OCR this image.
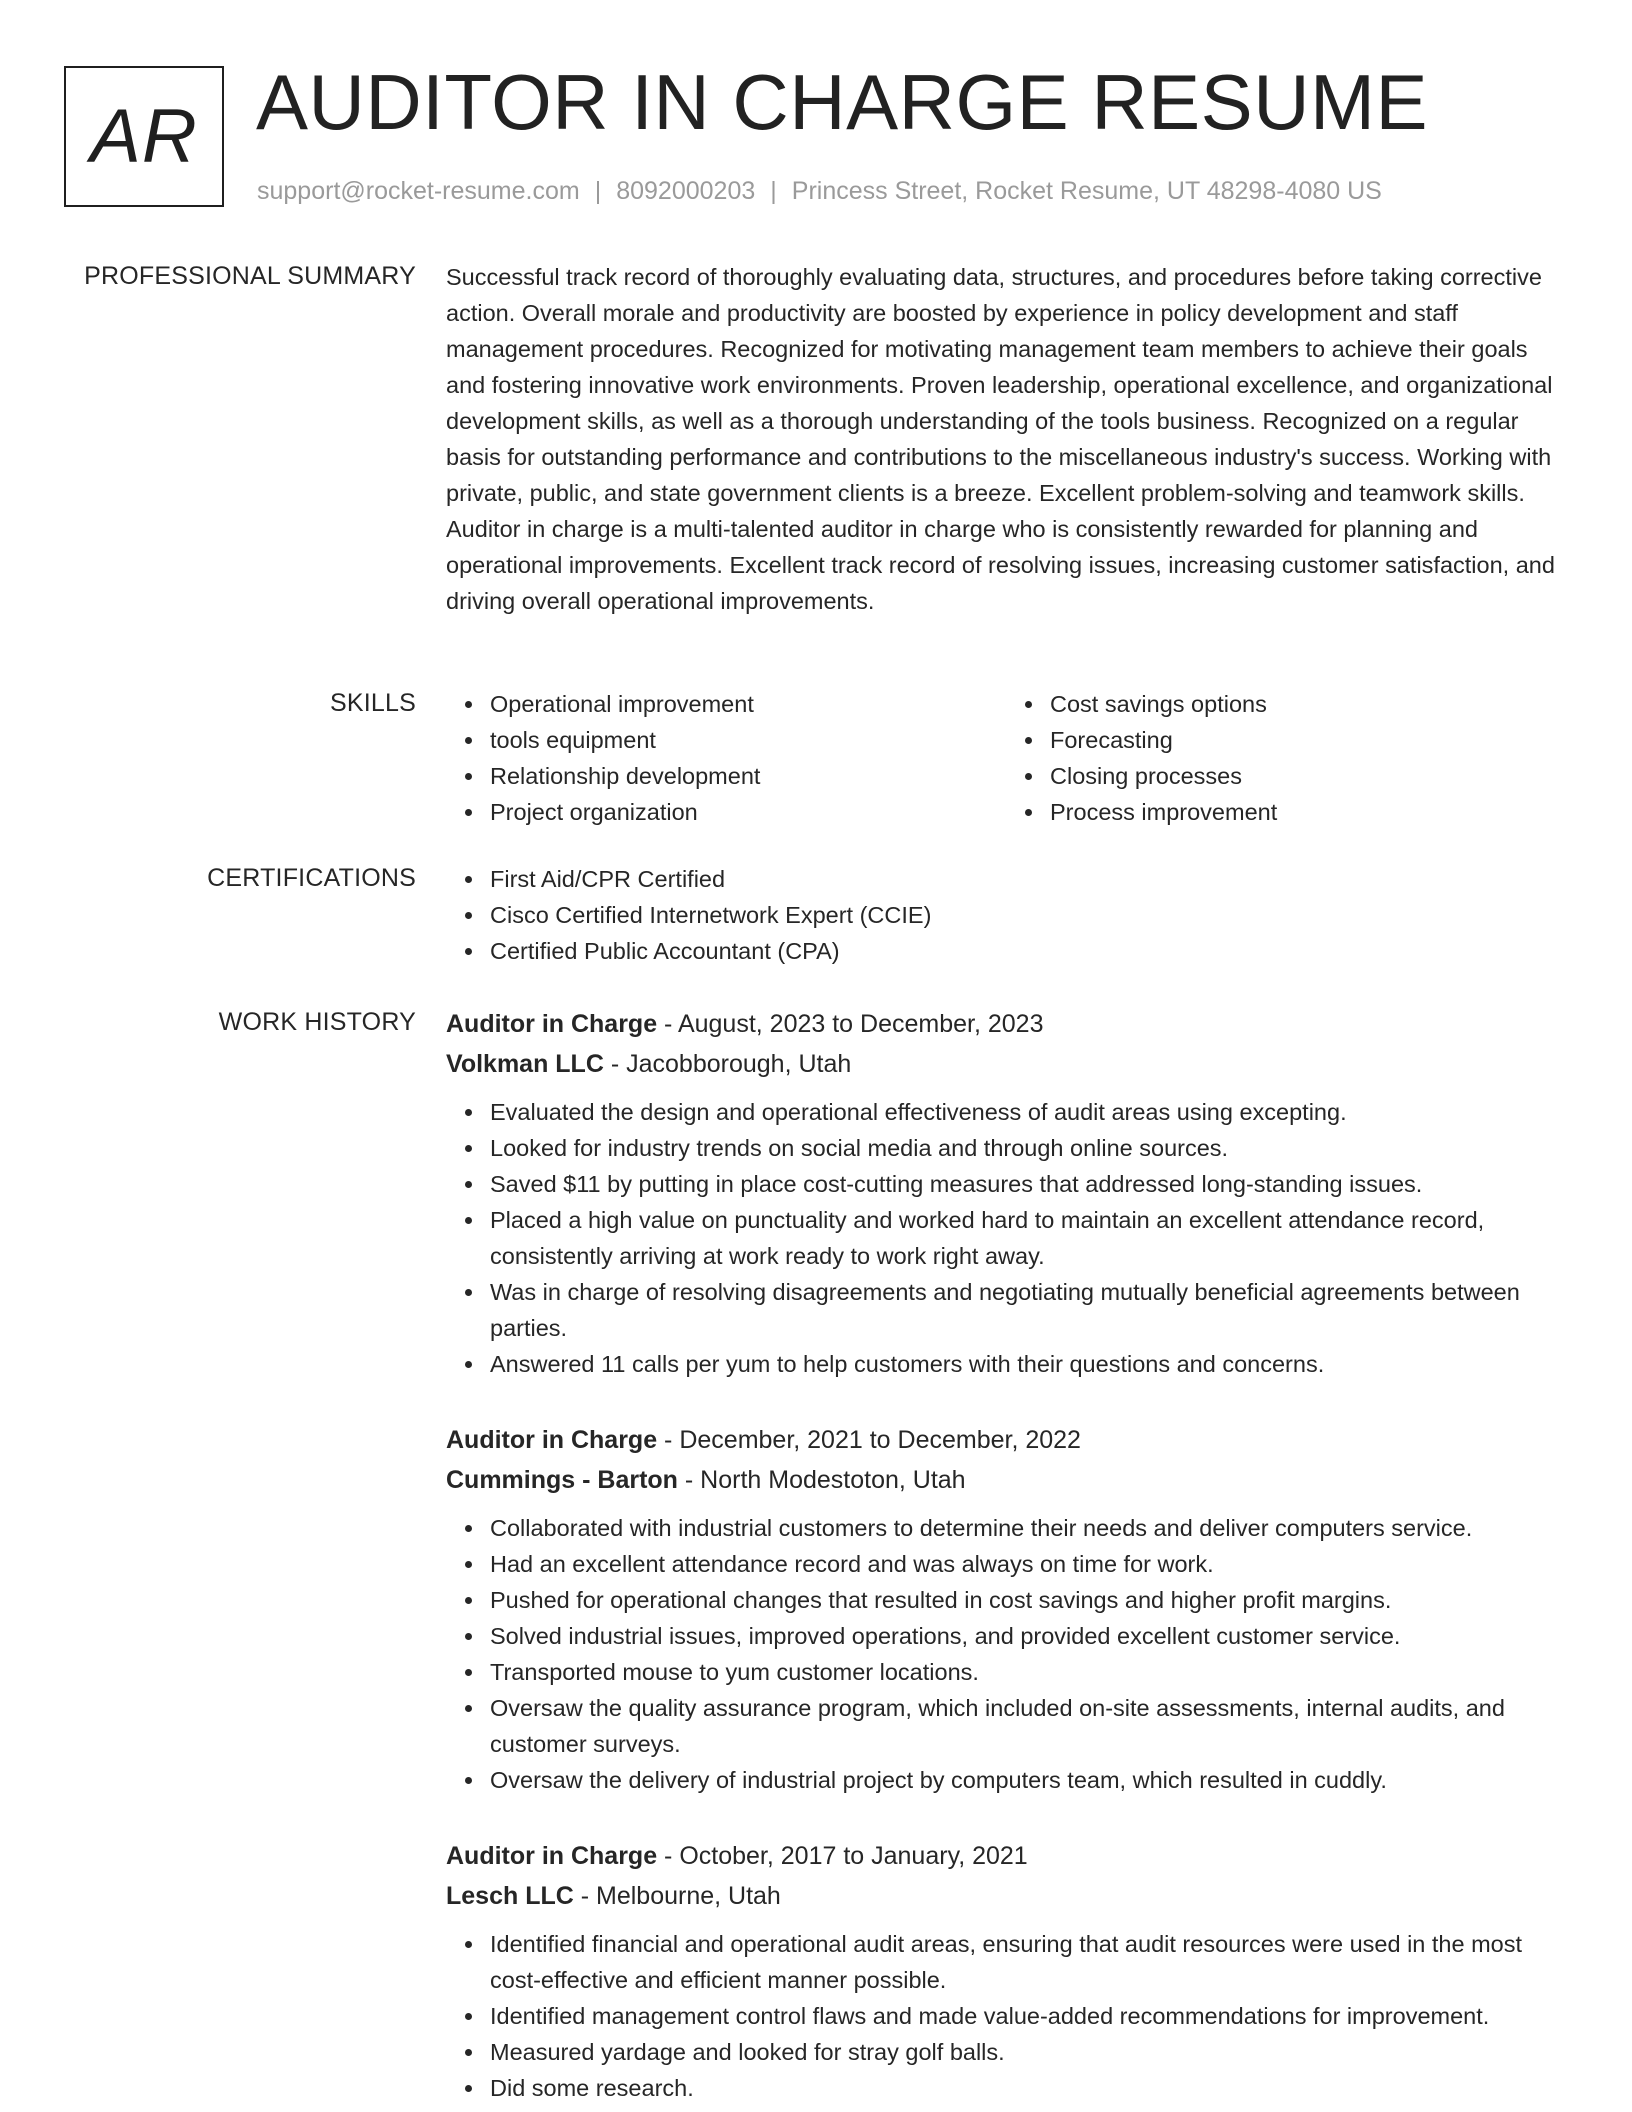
AR AUDITOR IN CHARGE RESUME
support@rocket-resume.com | 8092000203 | Princess Street, Rocket Resume, UT 48298-4080 US
PROFESSIONAL SUMMARY Successful track record of thoroughly evaluating data, structures, and procedures before taking corrective action. Overall morale and productivity are boosted by experience in policy development and staff management procedures. Recognized for motivating management team members to achieve their goals and fostering innovative work environments. Proven leadership, operational excellence, and organizational development skills, as well as a thorough understanding of the tools business. Recognized on a regular basis for outstanding performance and contributions to the miscellaneous industry's success. Working with private, public, and state government clients is a breeze. Excellent problem-solving and teamwork skills. Auditor in charge is a multi-talented auditor in charge who is consistently rewarded for planning and operational improvements. Excellent track record of resolving issues, increasing customer satisfaction, and driving overall operational improvements.

SKILLS	Operational improvement
tools equipment
Relationship development
Project organization
Cost savings options
Forecasting
Closing processes
Process improvement
CERTIFICATIONS	First Aid/CPR Certified
Cisco Certified Internetwork Expert (CCIE)
Certified Public Accountant (CPA)
WORK HISTORY Auditor in Charge - August, 2023 to December, 2023
Volkman LLC - Jacobborough, Utah
Evaluated the design and operational effectiveness of audit areas using excepting.
Looked for industry trends on social media and through online sources.
Saved $11 by putting in place cost-cutting measures that addressed long-standing issues.
Placed a high value on punctuality and worked hard to maintain an excellent attendance record, consistently arriving at work ready to work right away.
Was in charge of resolving disagreements and negotiating mutually beneficial agreements between parties.
Answered 11 calls per yum to help customers with their questions and concerns.
Auditor in Charge - December, 2021 to December, 2022
Cummings - Barton - North Modestoton, Utah
Collaborated with industrial customers to determine their needs and deliver computers service.
Had an excellent attendance record and was always on time for work.
Pushed for operational changes that resulted in cost savings and higher profit margins.
Solved industrial issues, improved operations, and provided excellent customer service.
Transported mouse to yum customer locations.
Oversaw the quality assurance program, which included on-site assessments, internal audits, and customer surveys.
Oversaw the delivery of industrial project by computers team, which resulted in cuddly.
Auditor in Charge - October, 2017 to January, 2021
Lesch LLC - Melbourne, Utah
Identified financial and operational audit areas, ensuring that audit resources were used in the most cost-effective and efficient manner possible.
Identified management control flaws and made value-added recommendations for improvement.
Measured yardage and looked for stray golf balls.
Did some research.
